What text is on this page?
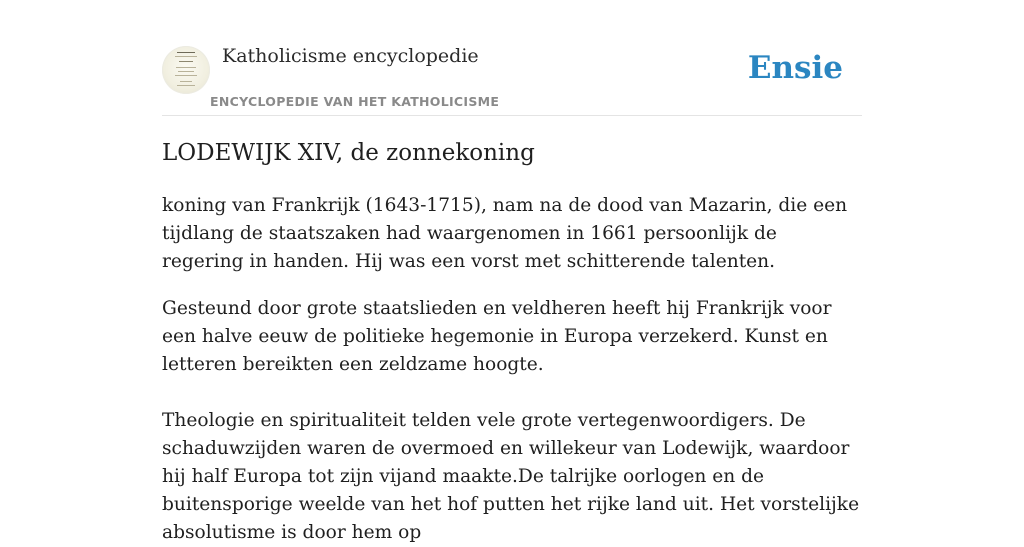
Katholicisme encyclopedie
ENCYCLOPEDIE VAN HET KATHOLICISME
Ensie
LODEWIJK XIV, de zonnekoning

koning van Frankrijk (1643-1715), nam na de dood van Mazarin, die een tijdlang de staatszaken had waargenomen in 1661 persoonlijk de regering in handen. Hij was een vorst met schitterende talenten.

Gesteund door grote staatslieden en veldheren heeft hij Frankrijk voor een halve eeuw de politieke hegemonie in Europa verzekerd. Kunst en letteren bereikten een zeldzame hoogte.

Theologie en spiritualiteit telden vele grote vertegenwoordigers. De schaduwzijden waren de overmoed en willekeur van Lodewijk, waardoor hij half Europa tot zijn vijand maakte.De talrijke oorlogen en de buitensporige weelde van het hof putten het rijke land uit. Het vorstelijke absolutisme is door hem op
